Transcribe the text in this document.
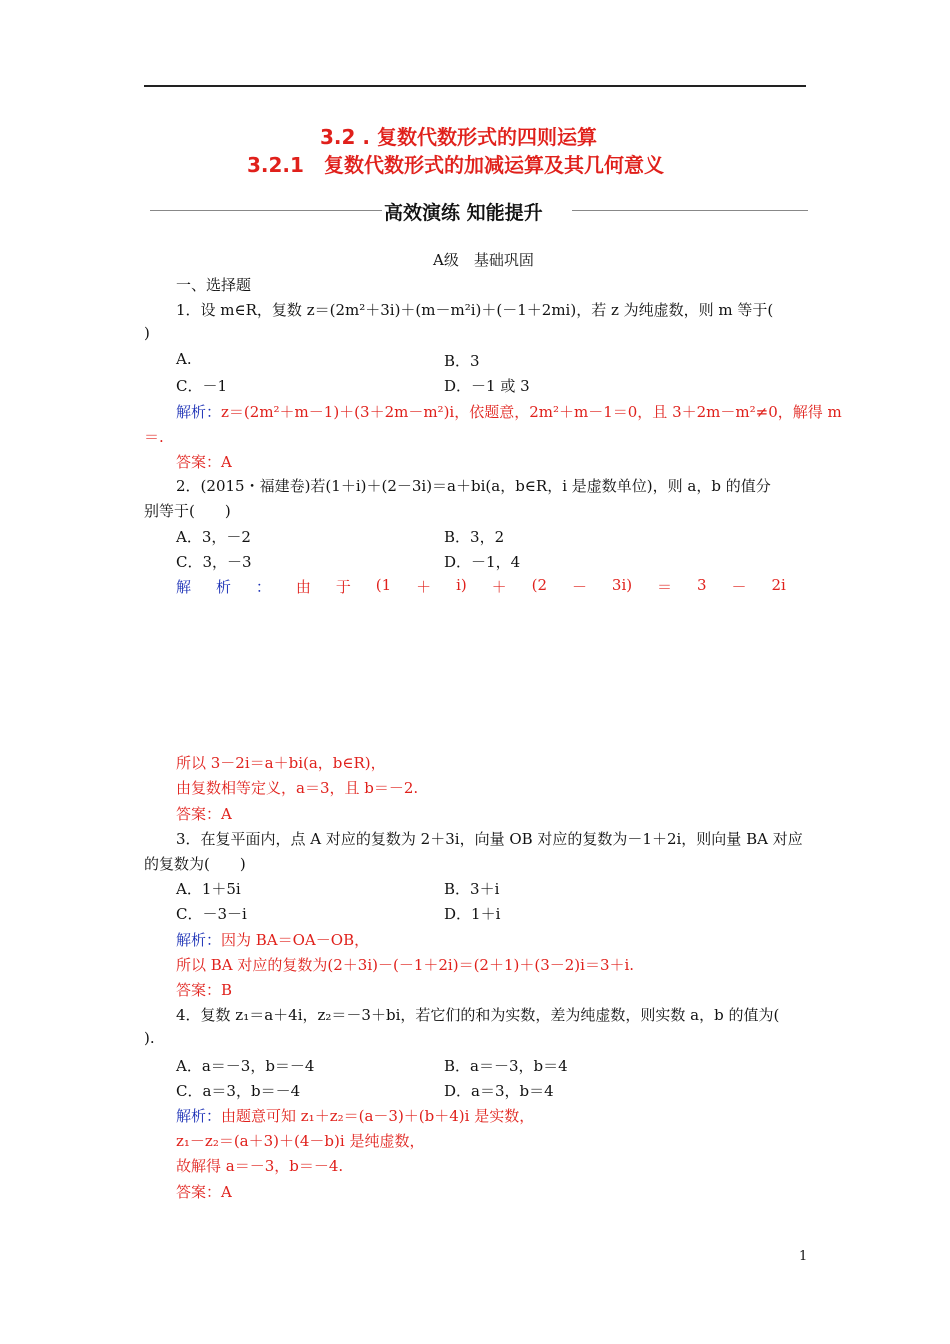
3.2 . 复数代数形式的四则运算
3.2.1　复数代数形式的加减运算及其几何意义
高效演练 知能提升
A级　基础巩固
一、选择题
1．设 m∈R，复数 z＝(2m²＋3i)＋(m－m²i)＋(－1＋2mi)，若 z 为纯虚数，则 m 等于(
)
A.	B．3
C．－1	D．－1 或 3
解析：z＝(2m²＋m－1)＋(3＋2m－m²)i，依题意，2m²＋m－1＝0，且 3＋2m－m²≠0，解得 m
＝.
答案：A
2．(2015・福建卷)若(1＋i)＋(2－3i)＝a＋bi(a，b∈R，i 是虚数单位)，则 a，b 的值分
别等于(　　)
A．3，－2	B．3，2
C．3，－3	D．－1，4
解 析 ： 由 于 (1 ＋ i) ＋ (2 － 3i) ＝ 3 － 2i
所以 3－2i＝a＋bi(a，b∈R)，
由复数相等定义，a＝3，且 b＝－2.
答案：A
3．在复平面内，点 A 对应的复数为 2＋3i，向量 OB 对应的复数为－1＋2i，则向量 BA 对应
的复数为(　　)
A．1＋5i	B．3＋i
C．－3－i	D．1＋i
解析：因为 BA＝OA－OB，
所以 BA 对应的复数为(2＋3i)－(－1＋2i)＝(2＋1)＋(3－2)i＝3＋i.
答案：B
4．复数 z₁＝a＋4i，z₂＝－3＋bi，若它们的和为实数，差为纯虚数，则实数 a，b 的值为(
).
A．a＝－3，b＝－4	B．a＝－3，b＝4
C．a＝3，b＝－4	D．a＝3，b＝4
解析：由题意可知 z₁＋z₂＝(a－3)＋(b＋4)i 是实数，
z₁－z₂＝(a＋3)＋(4－b)i 是纯虚数，
故解得 a＝－3，b＝－4.
答案：A
1
